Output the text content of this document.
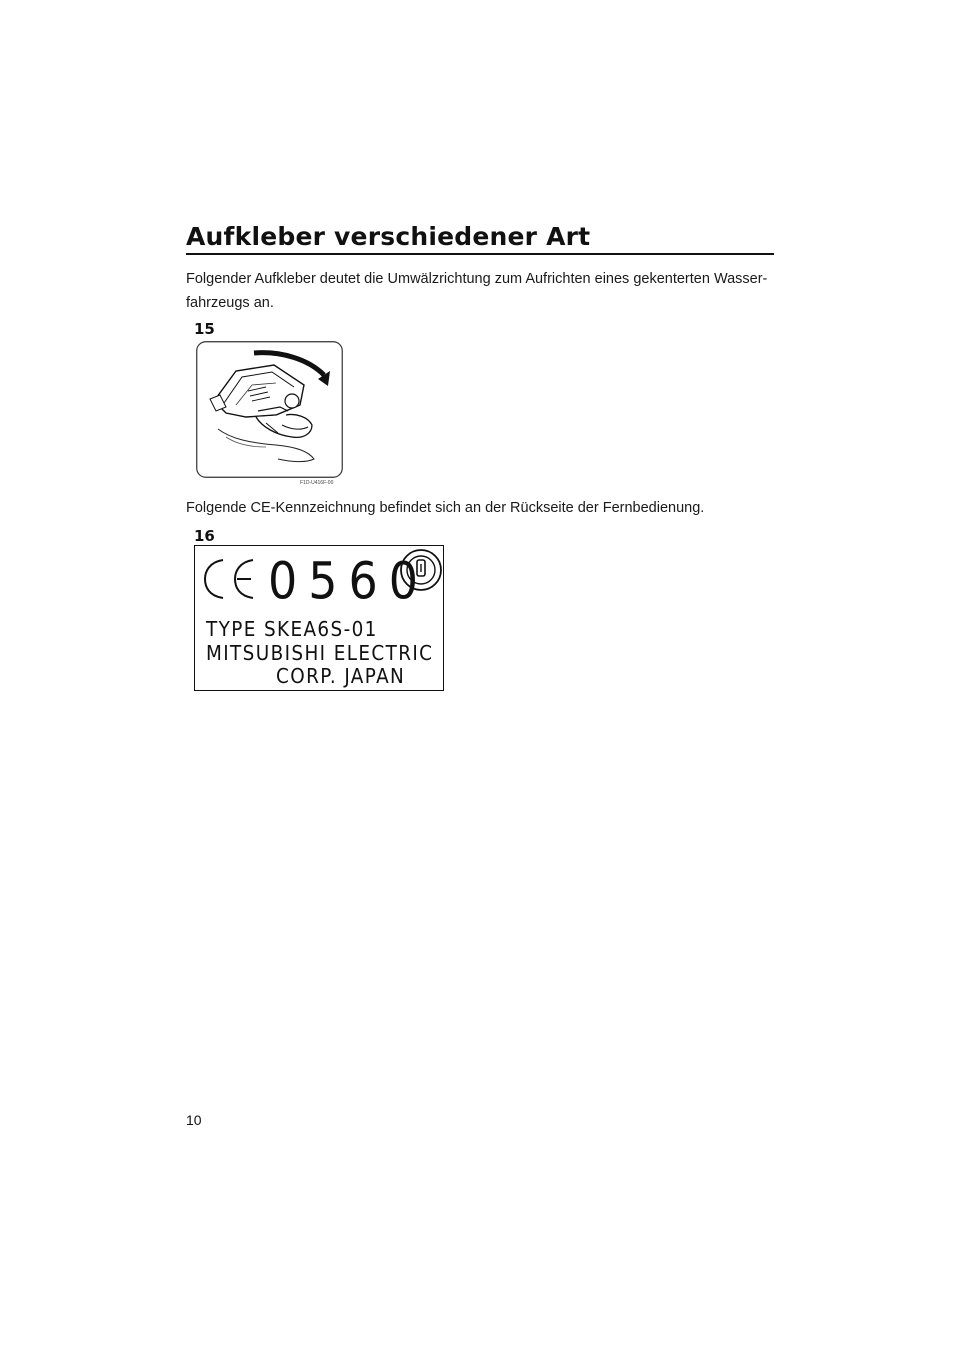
Aufkleber verschiedener Art
Folgender Aufkleber deutet die Umwälzrichtung zum Aufrichten eines gekenterten Wasser-fahrzeugs an.
15
F1D-U416F-00
Folgende CE-Kennzeichnung befindet sich an der Rückseite der Fernbedienung.
16
0560
TYPE SKEA6S-01
MITSUBISHI ELECTRIC
CORP. JAPAN
10
